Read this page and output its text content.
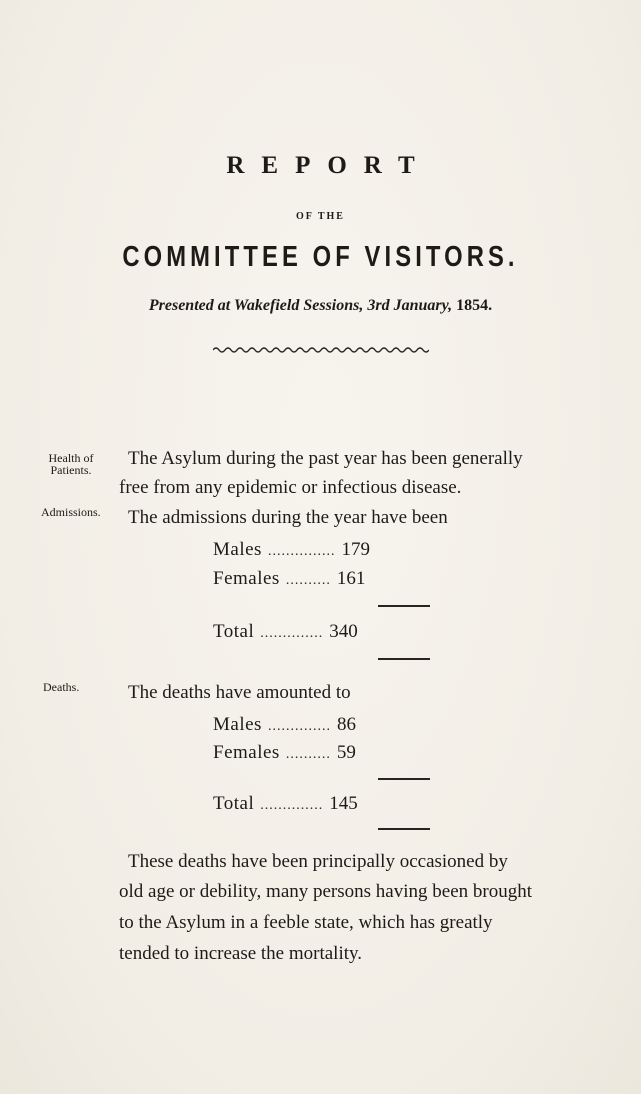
REPORT
OF THE
COMMITTEE OF VISITORS.
Presented at Wakefield Sessions, 3rd January, 1854.
Health of
Patients.
Admissions.
Deaths.
The Asylum during the past year has been generally
free from any epidemic or infectious disease.
The admissions during the year have been
Males ............... 179
Females .......... 161
Total .............. 340
The deaths have amounted to
Males .............. 86
Females .......... 59
Total .............. 145
These deaths have been principally occasioned by
old age or debility, many persons having been brought
to the Asylum in a feeble state, which has greatly
tended to increase the mortality.
